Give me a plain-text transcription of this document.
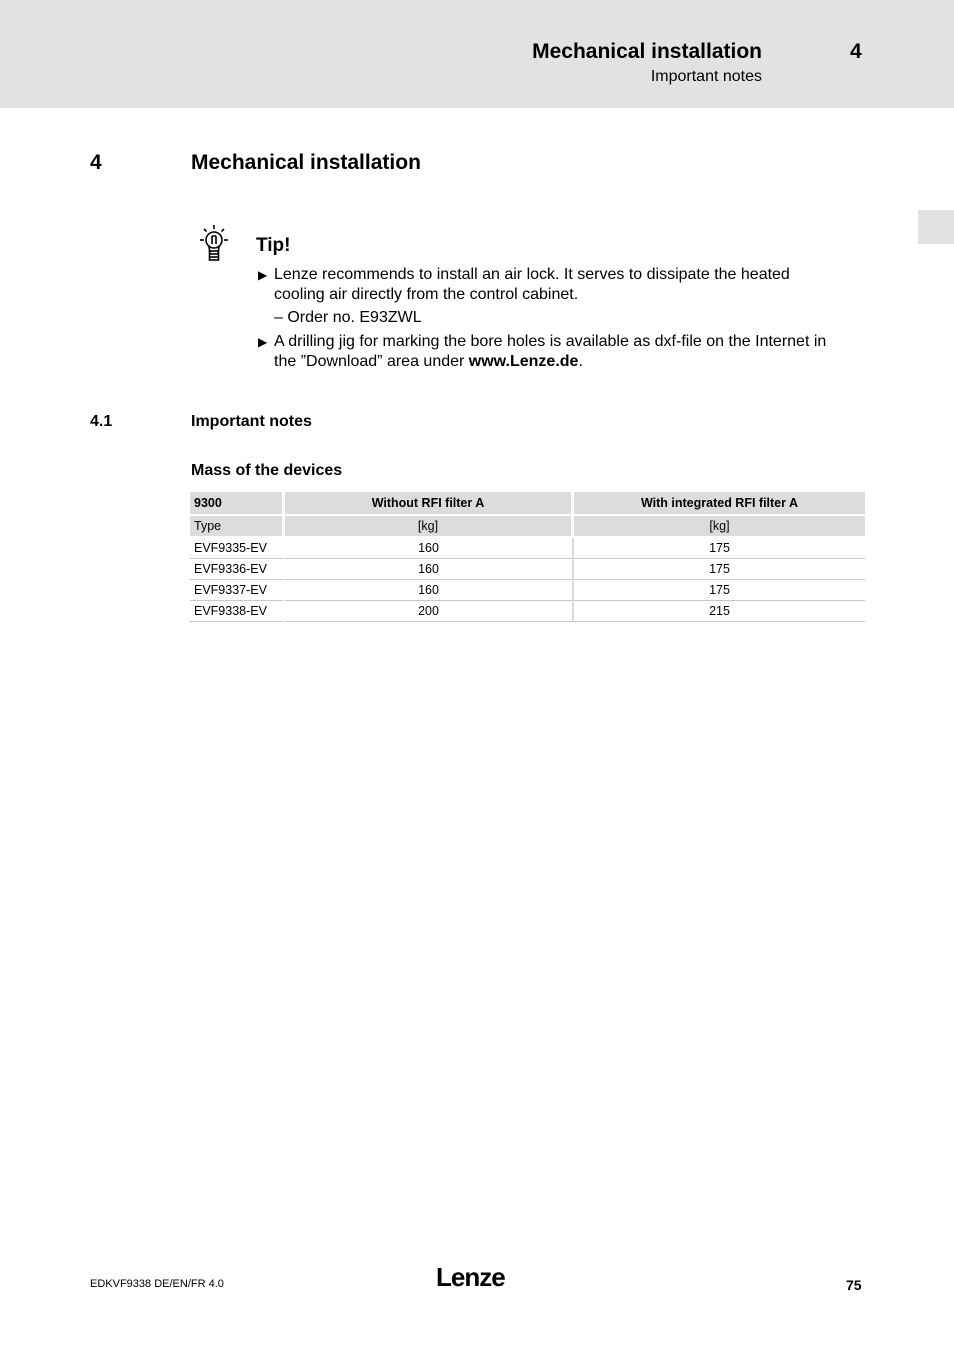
Mechanical installation	4
Important notes
4	Mechanical installation
Tip!
▶ Lenze recommends to install an air lock. It serves to dissipate the heated cooling air directly from the control cabinet.
– Order no. E93ZWL
▶ A drilling jig for marking the bore holes is available as dxf-file on the Internet in the ”Download” area under www.Lenze.de.
4.1	Important notes
Mass of the devices
9300	Without RFI filter A	With integrated RFI filter A
Type	[kg]	[kg]
EVF9335-EV	160	175
EVF9336-EV	160	175
EVF9337-EV	160	175
EVF9338-EV	200	215
EDKVF9338 DE/EN/FR 4.0	Lenze	75
